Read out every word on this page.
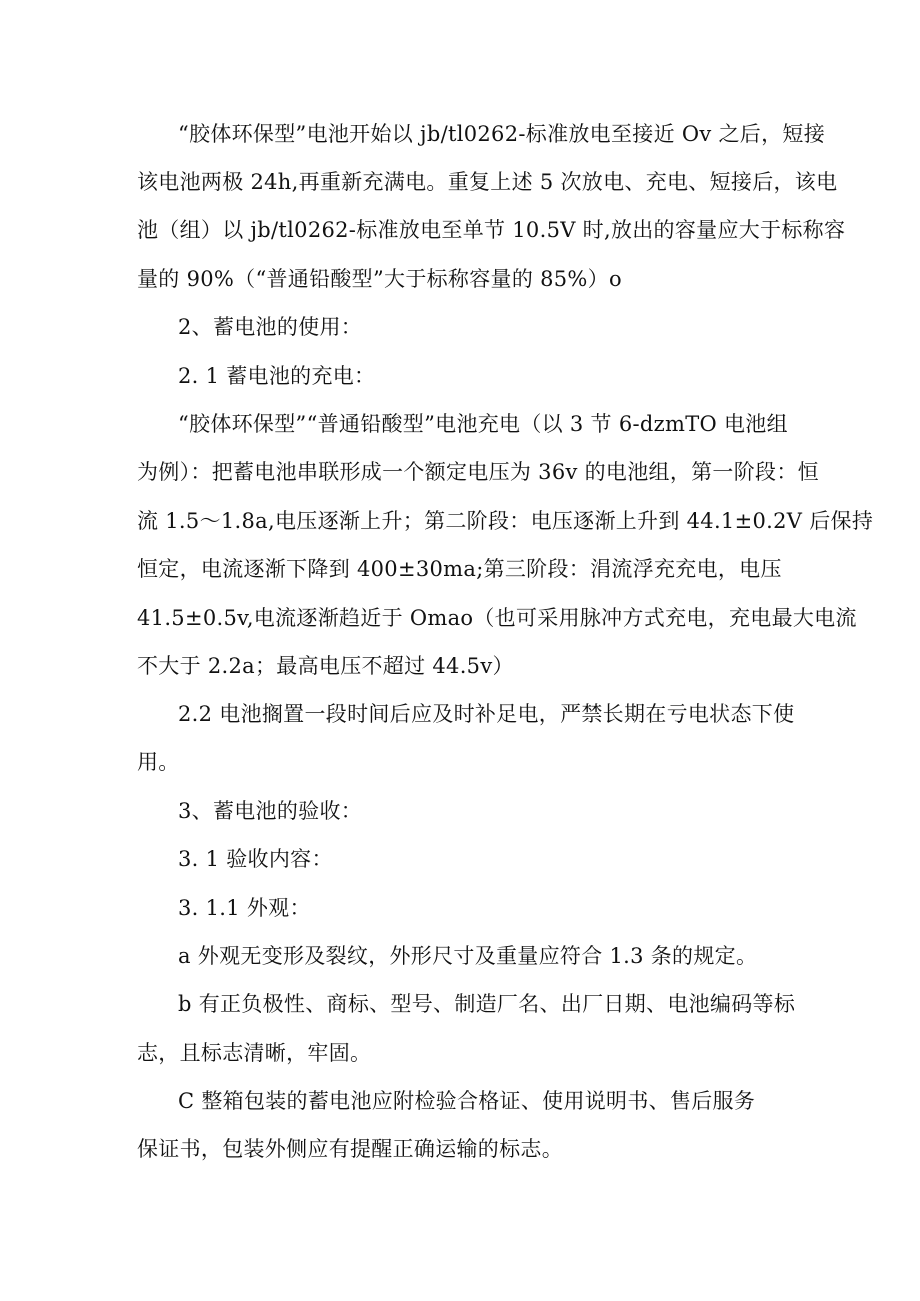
“胶体环保型”电池开始以 jb/tl0262-标准放电至接近 Ov 之后，短接
该电池两极 24h,再重新充满电。重复上述 5 次放电、充电、短接后，该电
池（组）以 jb/tl0262-标准放电至单节 10.5V 时,放出的容量应大于标称容
量的 90%（“普通铅酸型”大于标称容量的 85%）o
2、蓄电池的使用：
2. 1 蓄电池的充电：
“胶体环保型”“普通铅酸型”电池充电（以 3 节 6-dzmTO 电池组
为例）：把蓄电池串联形成一个额定电压为 36v 的电池组，第一阶段：恒
流 1.5～1.8a,电压逐渐上升；第二阶段：电压逐渐上升到 44.1±0.2V 后保持
恒定，电流逐渐下降到 400±30ma;第三阶段：涓流浮充充电，电压
41.5±0.5v,电流逐渐趋近于 Omao（也可采用脉冲方式充电，充电最大电流
不大于 2.2a；最高电压不超过 44.5v）
2.2 电池搁置一段时间后应及时补足电，严禁长期在亏电状态下使
用。
3、蓄电池的验收：
3. 1 验收内容：
3. 1.1 外观：
a 外观无变形及裂纹，外形尺寸及重量应符合 1.3 条的规定。
b 有正负极性、商标、型号、制造厂名、出厂日期、电池编码等标
志，且标志清晰，牢固。
C 整箱包装的蓄电池应附检验合格证、使用说明书、售后服务
保证书，包装外侧应有提醒正确运输的标志。
